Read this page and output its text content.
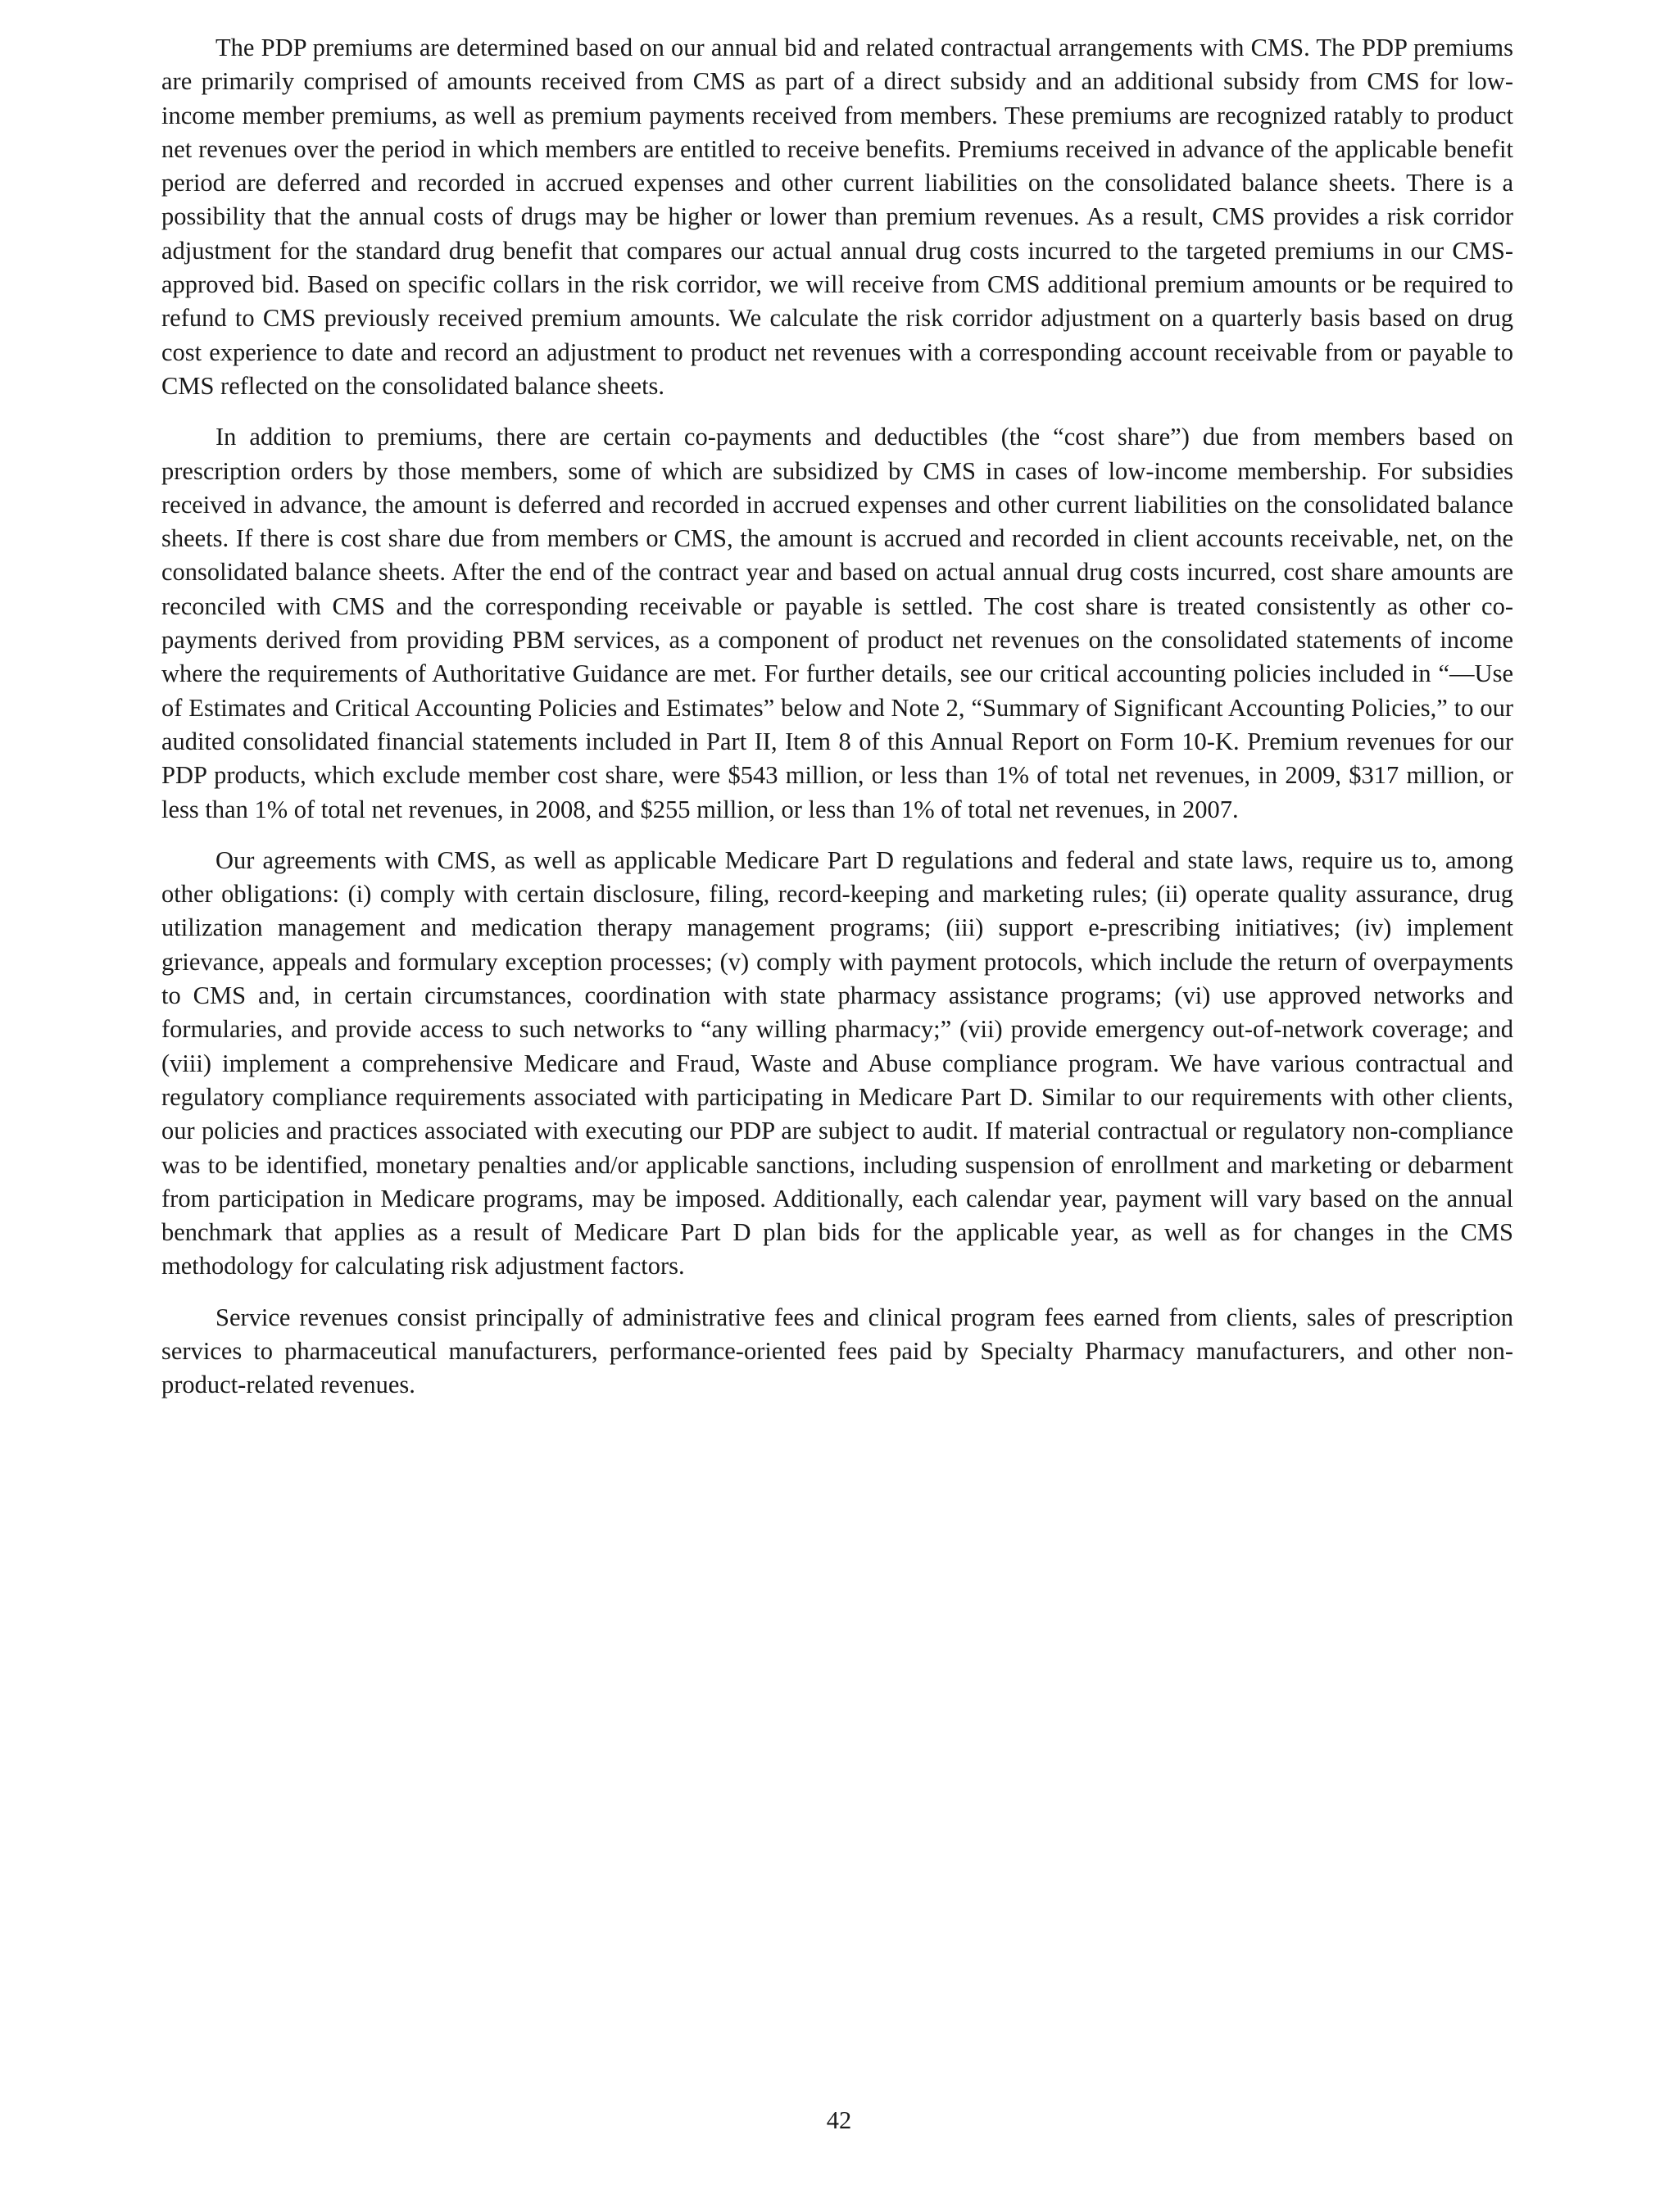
The PDP premiums are determined based on our annual bid and related contractual arrangements with CMS. The PDP premiums are primarily comprised of amounts received from CMS as part of a direct subsidy and an additional subsidy from CMS for low-income member premiums, as well as premium payments received from members. These premiums are recognized ratably to product net revenues over the period in which members are entitled to receive benefits. Premiums received in advance of the applicable benefit period are deferred and recorded in accrued expenses and other current liabilities on the consolidated balance sheets. There is a possibility that the annual costs of drugs may be higher or lower than premium revenues. As a result, CMS provides a risk corridor adjustment for the standard drug benefit that compares our actual annual drug costs incurred to the targeted premiums in our CMS-approved bid. Based on specific collars in the risk corridor, we will receive from CMS additional premium amounts or be required to refund to CMS previously received premium amounts. We calculate the risk corridor adjustment on a quarterly basis based on drug cost experience to date and record an adjustment to product net revenues with a corresponding account receivable from or payable to CMS reflected on the consolidated balance sheets.

In addition to premiums, there are certain co-payments and deductibles (the “cost share”) due from members based on prescription orders by those members, some of which are subsidized by CMS in cases of low-income membership. For subsidies received in advance, the amount is deferred and recorded in accrued expenses and other current liabilities on the consolidated balance sheets. If there is cost share due from members or CMS, the amount is accrued and recorded in client accounts receivable, net, on the consolidated balance sheets. After the end of the contract year and based on actual annual drug costs incurred, cost share amounts are reconciled with CMS and the corresponding receivable or payable is settled. The cost share is treated consistently as other co-payments derived from providing PBM services, as a component of product net revenues on the consolidated statements of income where the requirements of Authoritative Guidance are met. For further details, see our critical accounting policies included in “—Use of Estimates and Critical Accounting Policies and Estimates” below and Note 2, “Summary of Significant Accounting Policies,” to our audited consolidated financial statements included in Part II, Item 8 of this Annual Report on Form 10-K. Premium revenues for our PDP products, which exclude member cost share, were $543 million, or less than 1% of total net revenues, in 2009, $317 million, or less than 1% of total net revenues, in 2008, and $255 million, or less than 1% of total net revenues, in 2007.

Our agreements with CMS, as well as applicable Medicare Part D regulations and federal and state laws, require us to, among other obligations: (i) comply with certain disclosure, filing, record-keeping and marketing rules; (ii) operate quality assurance, drug utilization management and medication therapy management programs; (iii) support e-prescribing initiatives; (iv) implement grievance, appeals and formulary exception processes; (v) comply with payment protocols, which include the return of overpayments to CMS and, in certain circumstances, coordination with state pharmacy assistance programs; (vi) use approved networks and formularies, and provide access to such networks to “any willing pharmacy;” (vii) provide emergency out-of-network coverage; and (viii) implement a comprehensive Medicare and Fraud, Waste and Abuse compliance program. We have various contractual and regulatory compliance requirements associated with participating in Medicare Part D. Similar to our requirements with other clients, our policies and practices associated with executing our PDP are subject to audit. If material contractual or regulatory non-compliance was to be identified, monetary penalties and/or applicable sanctions, including suspension of enrollment and marketing or debarment from participation in Medicare programs, may be imposed. Additionally, each calendar year, payment will vary based on the annual benchmark that applies as a result of Medicare Part D plan bids for the applicable year, as well as for changes in the CMS methodology for calculating risk adjustment factors.

Service revenues consist principally of administrative fees and clinical program fees earned from clients, sales of prescription services to pharmaceutical manufacturers, performance-oriented fees paid by Specialty Pharmacy manufacturers, and other non-product-related revenues.

42
